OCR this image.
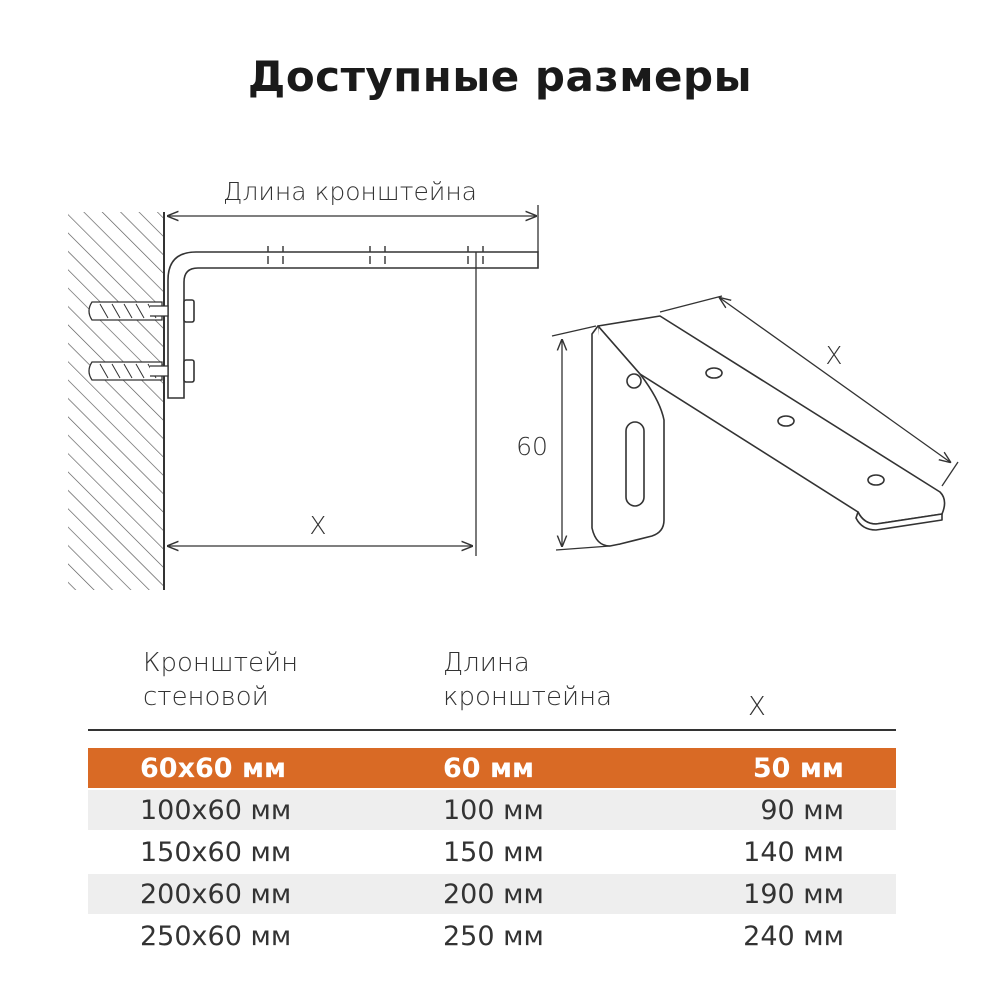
Доступные размеры
Длина кронштейна
X
X
60
Кронштейн
стеновой
Длина
кронштейна	X
60x60 мм	60 мм	50 мм
100x60 мм	100 мм	90 мм
150x60 мм	150 мм	140 мм
200x60 мм	200 мм	190 мм
250x60 мм	250 мм	240 мм
